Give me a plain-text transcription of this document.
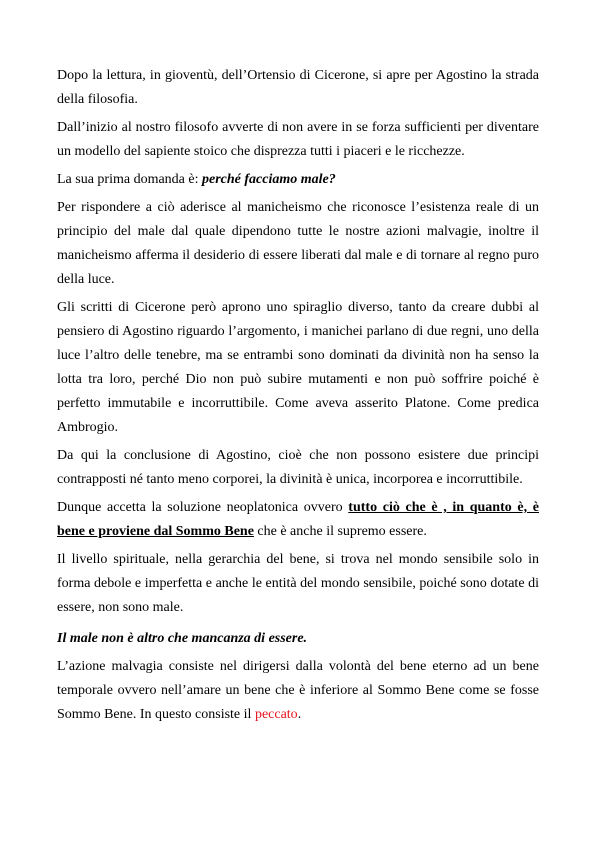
Dopo la lettura, in gioventù, dell’Ortensio di Cicerone, si apre per Agostino la strada della filosofia.

Dall’inizio al nostro filosofo avverte di non avere in se forza sufficienti per diventare un modello del sapiente stoico che disprezza tutti i piaceri e le ricchezze.

La sua prima domanda è: perché facciamo male?

Per rispondere a ciò aderisce al manicheismo che riconosce l’esistenza reale di un principio del male dal quale dipendono tutte le nostre azioni malvagie, inoltre il manicheismo afferma il desiderio di essere liberati dal male e di tornare al regno puro della luce.

Gli scritti di Cicerone però aprono uno spiraglio diverso, tanto da creare dubbi al pensiero di Agostino riguardo l’argomento, i manichei parlano di due regni, uno della luce l’altro delle tenebre, ma se entrambi sono dominati da divinità non ha senso la lotta tra loro, perché Dio non può subire mutamenti e non può soffrire poiché è perfetto immutabile e incorruttibile. Come aveva asserito Platone. Come predica Ambrogio.

Da qui la conclusione di Agostino, cioè che non possono esistere due principi contrapposti né tanto meno corporei, la divinità è unica, incorporea e incorruttibile.

Dunque accetta la soluzione neoplatonica ovvero tutto ciò che è , in quanto è, è bene e proviene dal Sommo Bene che è anche il supremo essere.

Il livello spirituale, nella gerarchia del bene, si trova nel mondo sensibile solo in forma debole e imperfetta e anche le entità del mondo sensibile, poiché sono dotate di essere, non sono male.

Il male non è altro che mancanza di essere.

L’azione malvagia consiste nel dirigersi dalla volontà del bene eterno ad un bene temporale ovvero nell’amare un bene che è inferiore al Sommo Bene come se fosse Sommo Bene. In questo consiste il peccato.
